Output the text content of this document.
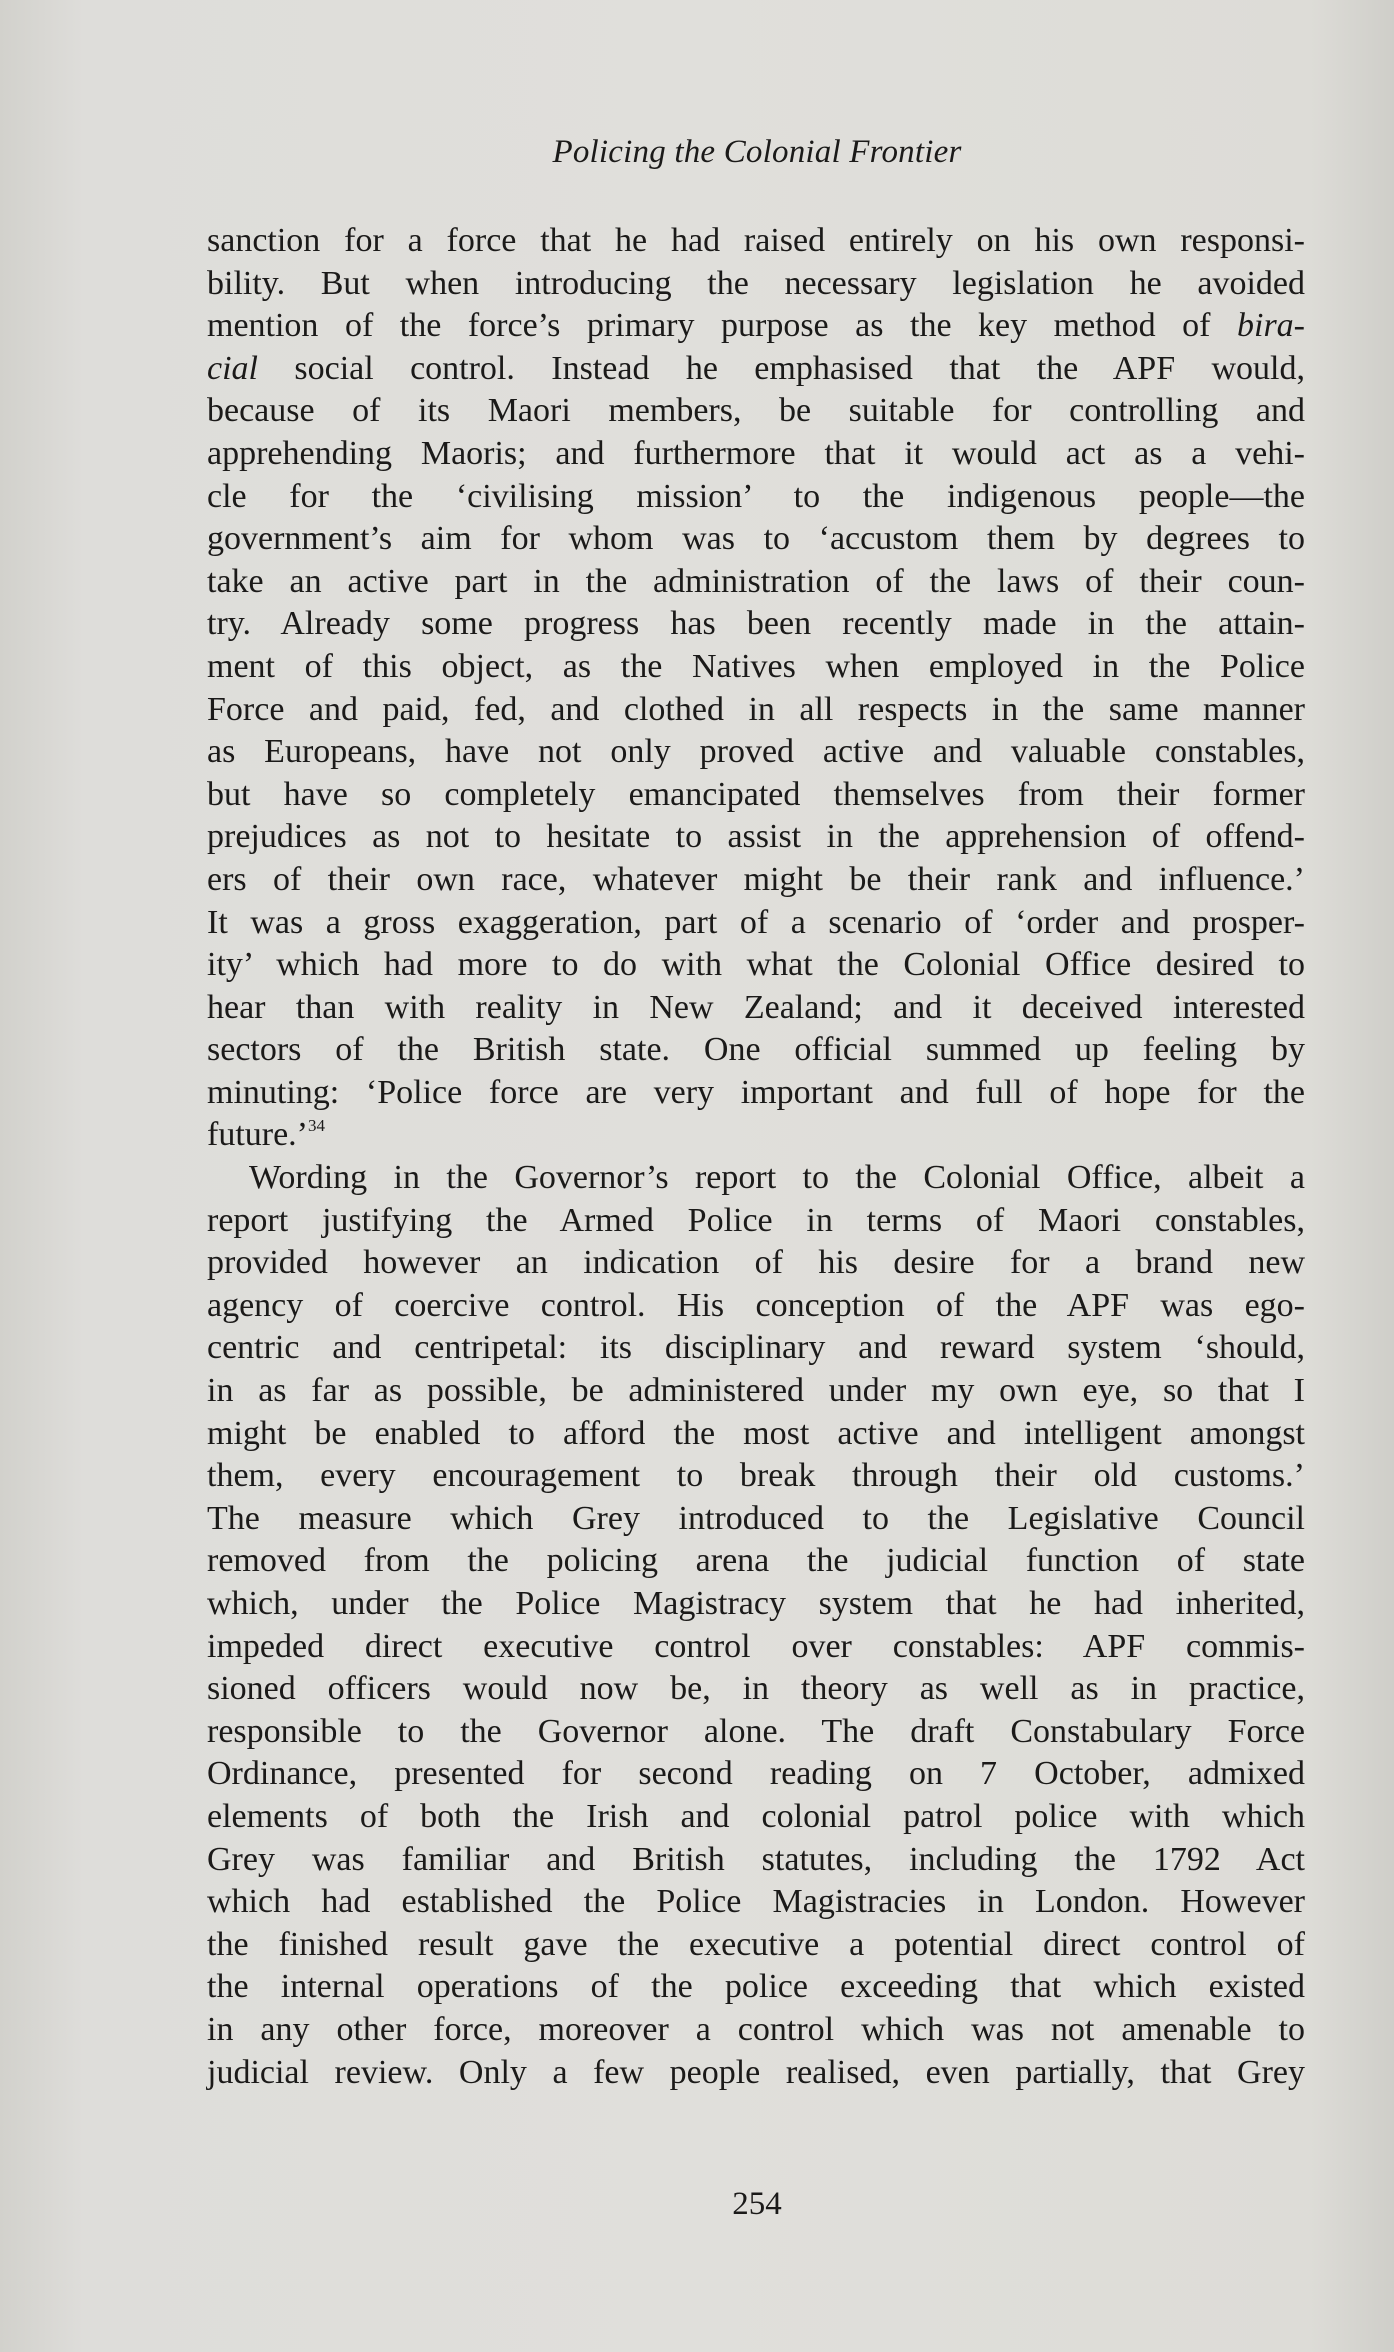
Policing the Colonial Frontier
sanction for a force that he had raised entirely on his own responsi-
bility. But when introducing the necessary legislation he avoided
mention of the force’s primary purpose as the key method of bira-
cial social control. Instead he emphasised that the APF would,
because of its Maori members, be suitable for controlling and
apprehending Maoris; and furthermore that it would act as a vehi-
cle for the ‘civilising mission’ to the indigenous people—the
government’s aim for whom was to ‘accustom them by degrees to
take an active part in the administration of the laws of their coun-
try. Already some progress has been recently made in the attain-
ment of this object, as the Natives when employed in the Police
Force and paid, fed, and clothed in all respects in the same manner
as Europeans, have not only proved active and valuable constables,
but have so completely emancipated themselves from their former
prejudices as not to hesitate to assist in the apprehension of offend-
ers of their own race, whatever might be their rank and influence.’
It was a gross exaggeration, part of a scenario of ‘order and prosper-
ity’ which had more to do with what the Colonial Office desired to
hear than with reality in New Zealand; and it deceived interested
sectors of the British state. One official summed up feeling by
minuting: ‘Police force are very important and full of hope for the
future.’$^{34}$
Wording in the Governor’s report to the Colonial Office, albeit a
report justifying the Armed Police in terms of Maori constables,
provided however an indication of his desire for a brand new
agency of coercive control. His conception of the APF was ego-
centric and centripetal: its disciplinary and reward system ‘should,
in as far as possible, be administered under my own eye, so that I
might be enabled to afford the most active and intelligent amongst
them, every encouragement to break through their old customs.’
The measure which Grey introduced to the Legislative Council
removed from the policing arena the judicial function of state
which, under the Police Magistracy system that he had inherited,
impeded direct executive control over constables: APF commis-
sioned officers would now be, in theory as well as in practice,
responsible to the Governor alone. The draft Constabulary Force
Ordinance, presented for second reading on 7 October, admixed
elements of both the Irish and colonial patrol police with which
Grey was familiar and British statutes, including the 1792 Act
which had established the Police Magistracies in London. However
the finished result gave the executive a potential direct control of
the internal operations of the police exceeding that which existed
in any other force, moreover a control which was not amenable to
judicial review. Only a few people realised, even partially, that Grey
254
